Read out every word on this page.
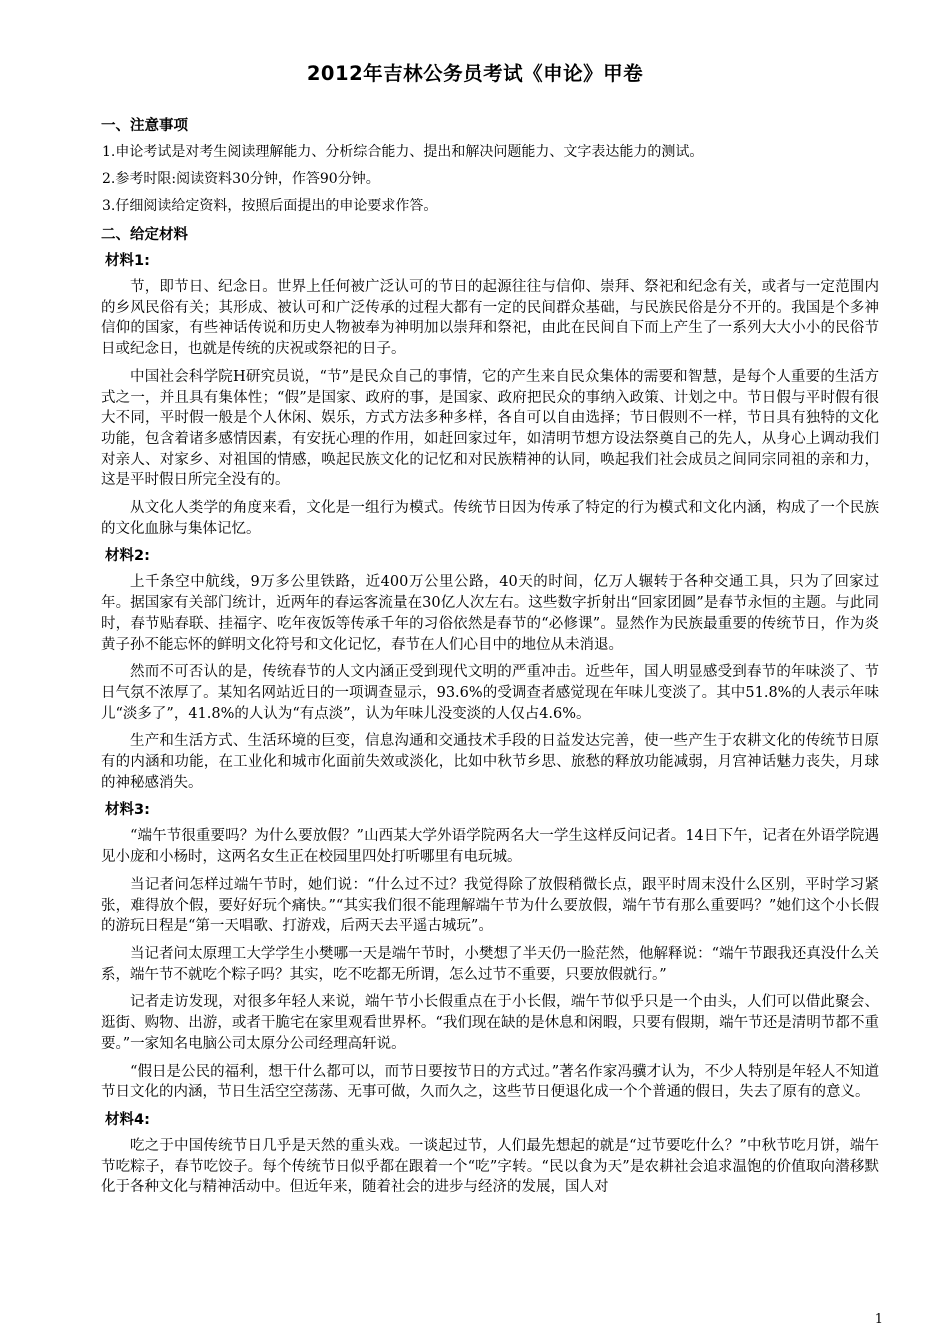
2012年吉林公务员考试《申论》甲卷

一、注意事项

1.申论考试是对考生阅读理解能力、分析综合能力、提出和解决问题能力、文字表达能力的测试。

2.参考时限:阅读资料30分钟，作答90分钟。

3.仔细阅读给定资料，按照后面提出的申论要求作答。

二、给定材料

材料1:

节，即节日、纪念日。世界上任何被广泛认可的节日的起源往往与信仰、崇拜、祭祀和纪念有关，或者与一定范围内的乡风民俗有关；其形成、被认可和广泛传承的过程大都有一定的民间群众基础，与民族民俗是分不开的。我国是个多神信仰的国家，有些神话传说和历史人物被奉为神明加以崇拜和祭祀，由此在民间自下而上产生了一系列大大小小的民俗节日或纪念日，也就是传统的庆祝或祭祀的日子。

中国社会科学院H研究员说，“节”是民众自己的事情，它的产生来自民众集体的需要和智慧，是每个人重要的生活方式之一，并且具有集体性；“假”是国家、政府的事，是国家、政府把民众的事纳入政策、计划之中。节日假与平时假有很大不同，平时假一般是个人休闲、娱乐，方式方法多种多样，各自可以自由选择；节日假则不一样，节日具有独特的文化功能，包含着诸多感情因素，有安抚心理的作用，如赶回家过年，如清明节想方设法祭奠自己的先人，从身心上调动我们对亲人、对家乡、对祖国的情感，唤起民族文化的记忆和对民族精神的认同，唤起我们社会成员之间同宗同祖的亲和力，这是平时假日所完全没有的。

从文化人类学的角度来看，文化是一组行为模式。传统节日因为传承了特定的行为模式和文化内涵，构成了一个民族的文化血脉与集体记忆。

材料2:

上千条空中航线，9万多公里铁路，近400万公里公路，40天的时间，亿万人辗转于各种交通工具，只为了回家过年。据国家有关部门统计，近两年的春运客流量在30亿人次左右。这些数字折射出“回家团圆”是春节永恒的主题。与此同时，春节贴春联、挂福字、吃年夜饭等传承千年的习俗依然是春节的“必修课”。显然作为民族最重要的传统节日，作为炎黄子孙不能忘怀的鲜明文化符号和文化记忆，春节在人们心目中的地位从未消退。

然而不可否认的是，传统春节的人文内涵正受到现代文明的严重冲击。近些年，国人明显感受到春节的年味淡了、节日气氛不浓厚了。某知名网站近日的一项调查显示，93.6%的受调查者感觉现在年味儿变淡了。其中51.8%的人表示年味儿“淡多了”，41.8%的人认为“有点淡”，认为年味儿没变淡的人仅占4.6%。

生产和生活方式、生活环境的巨变，信息沟通和交通技术手段的日益发达完善，使一些产生于农耕文化的传统节日原有的内涵和功能，在工业化和城市化面前失效或淡化，比如中秋节乡思、旅愁的释放功能减弱，月宫神话魅力丧失，月球的神秘感消失。

材料3:

“端午节很重要吗？为什么要放假？”山西某大学外语学院两名大一学生这样反问记者。14日下午，记者在外语学院遇见小庞和小杨时，这两名女生正在校园里四处打听哪里有电玩城。

当记者问怎样过端午节时，她们说：“什么过不过？我觉得除了放假稍微长点，跟平时周末没什么区别，平时学习紧张，难得放个假，要好好玩个痛快。”“其实我们很不能理解端午节为什么要放假，端午节有那么重要吗？”她们这个小长假的游玩日程是“第一天唱歌、打游戏，后两天去平遥古城玩”。

当记者问太原理工大学学生小樊哪一天是端午节时，小樊想了半天仍一脸茫然，他解释说：“端午节跟我还真没什么关系，端午节不就吃个粽子吗？其实，吃不吃都无所谓，怎么过节不重要，只要放假就行。”

记者走访发现，对很多年轻人来说，端午节小长假重点在于小长假，端午节似乎只是一个由头，人们可以借此聚会、逛街、购物、出游，或者干脆宅在家里观看世界杯。“我们现在缺的是休息和闲暇，只要有假期，端午节还是清明节都不重要。”一家知名电脑公司太原分公司经理高轩说。

“假日是公民的福利，想干什么都可以，而节日要按节日的方式过。”著名作家冯骥才认为，不少人特别是年轻人不知道节日文化的内涵，节日生活空空荡荡、无事可做，久而久之，这些节日便退化成一个个普通的假日，失去了原有的意义。

材料4:

吃之于中国传统节日几乎是天然的重头戏。一谈起过节，人们最先想起的就是“过节要吃什么？”中秋节吃月饼，端午节吃粽子，春节吃饺子。每个传统节日似乎都在跟着一个“吃”字转。“民以食为天”是农耕社会追求温饱的价值取向潜移默化于各种文化与精神活动中。但近年来，随着社会的进步与经济的发展，国人对

1
